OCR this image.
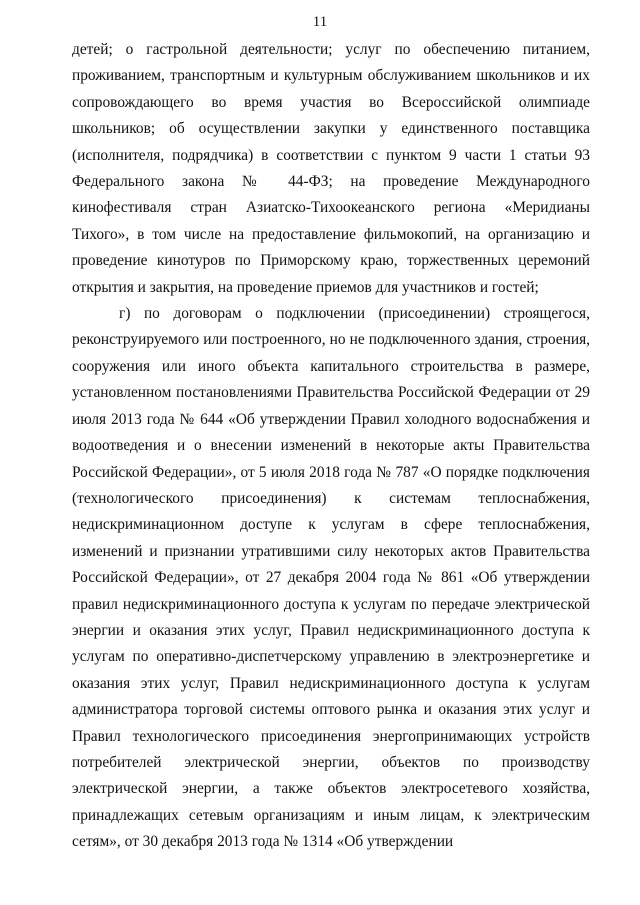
11

детей; о гастрольной деятельности; услуг по обеспечению питанием, проживанием, транспортным и культурным обслуживанием школьников и их сопровождающего во время участия во Всероссийской олимпиаде школьников; об осуществлении закупки у единственного поставщика (исполнителя, подрядчика) в соответствии с пунктом 9 части 1 статьи 93 Федерального закона № 44-ФЗ; на проведение Международного кинофестиваля стран Азиатско-Тихоокеанского региона «Меридианы Тихого», в том числе на предоставление фильмокопий, на организацию и проведение кинотуров по Приморскому краю, торжественных церемоний открытия и закрытия, на проведение приемов для участников и гостей;

г) по договорам о подключении (присоединении) строящегося, реконструируемого или построенного, но не подключенного здания, строения, сооружения или иного объекта капитального строительства в размере, установленном постановлениями Правительства Российской Федерации от 29 июля 2013 года № 644 «Об утверждении Правил холодного водоснабжения и водоотведения и о внесении изменений в некоторые акты Правительства Российской Федерации», от 5 июля 2018 года № 787 «О порядке подключения (технологического присоединения) к системам теплоснабжения, недискриминационном доступе к услугам в сфере теплоснабжения, изменений и признании утратившими силу некоторых актов Правительства Российской Федерации», от 27 декабря 2004 года № 861 «Об утверждении правил недискриминационного доступа к услугам по передаче электрической энергии и оказания этих услуг, Правил недискриминационного доступа к услугам по оперативно-диспетчерскому управлению в электроэнергетике и оказания этих услуг, Правил недискриминационного доступа к услугам администратора торговой системы оптового рынка и оказания этих услуг и Правил технологического присоединения энергопринимающих устройств потребителей электрической энергии, объектов по производству электрической энергии, а также объектов электросетевого хозяйства, принадлежащих сетевым организациям и иным лицам, к электрическим сетям», от 30 декабря 2013 года № 1314 «Об утверждении
